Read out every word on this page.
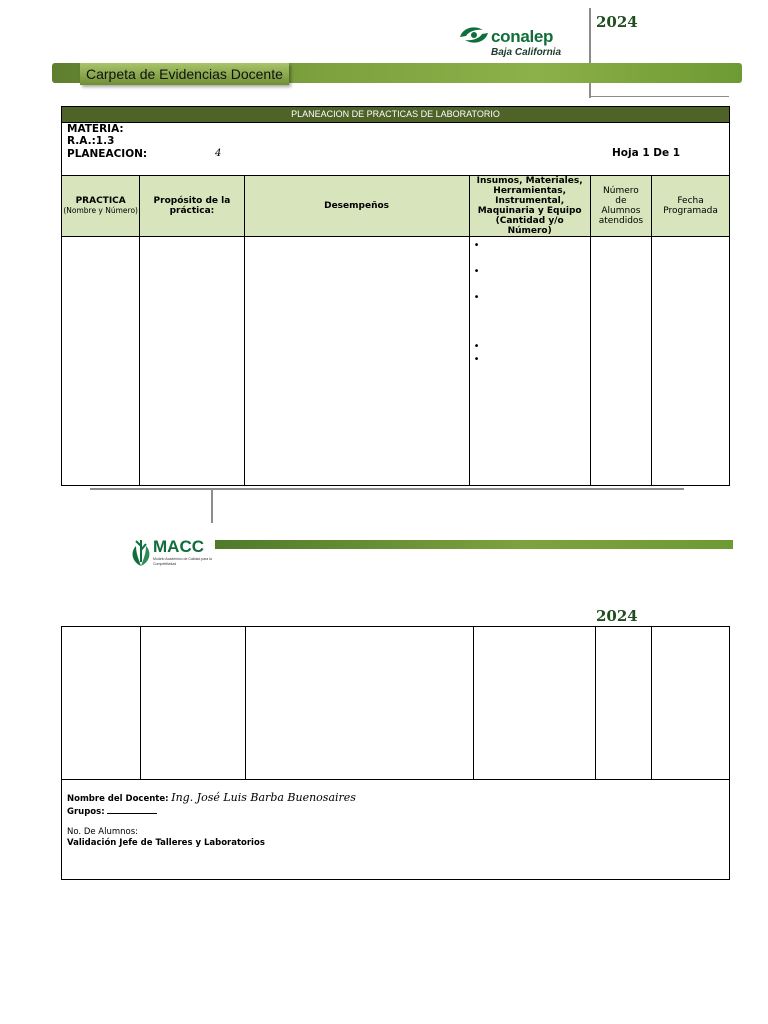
2024
conalep
Baja California
Carpeta de Evidencias Docente
PLANEACION DE PRACTICAS DE LABORATORIO					

MATERIA:
R.A.:1.3
PLANEACION: 4 Hoja 1 De 1					

PRACTICA
(Nombre y Número)	Propósito de la práctica:	Desempeños	Insumos, Materiales, Herramientas, Instrumental, Maquinaria y Equipo (Cantidad y/o Número)	Número de Alumnos atendidos	Fecha Programada

			•
•
•
•
•		

MACC
Modelo Académico de Calidad para la Competitividad
2024

Nombre del Docente: Ing. José Luis Barba Buenosaires
Grupos:
No. De Alumnos:
Validación Jefe de Talleres y Laboratorios
